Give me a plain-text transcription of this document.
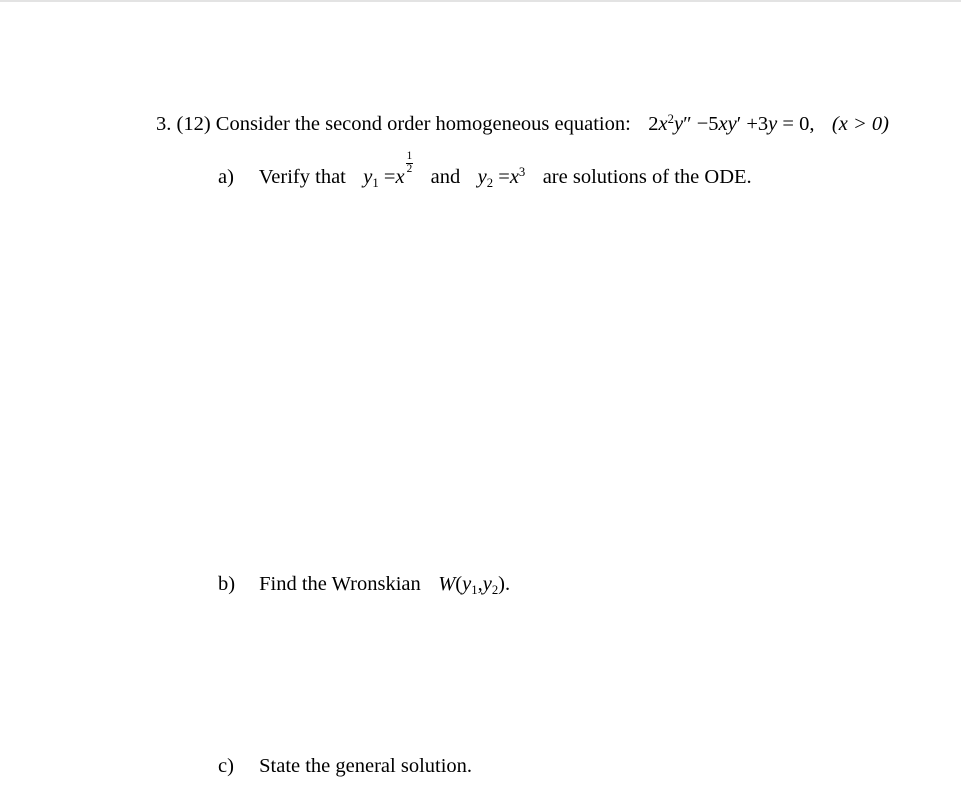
3. (12) Consider the second order homogeneous equation: $2x^2y'' -5xy' +3y = 0$, (x > 0)
a) Verify that $y_1 =x$
$\frac{1}{2}$
and $y_2 =x^3$ are solutions of the ODE.
b) Find the Wronskian $W(y_1,y_2)$.
c) State the general solution.
